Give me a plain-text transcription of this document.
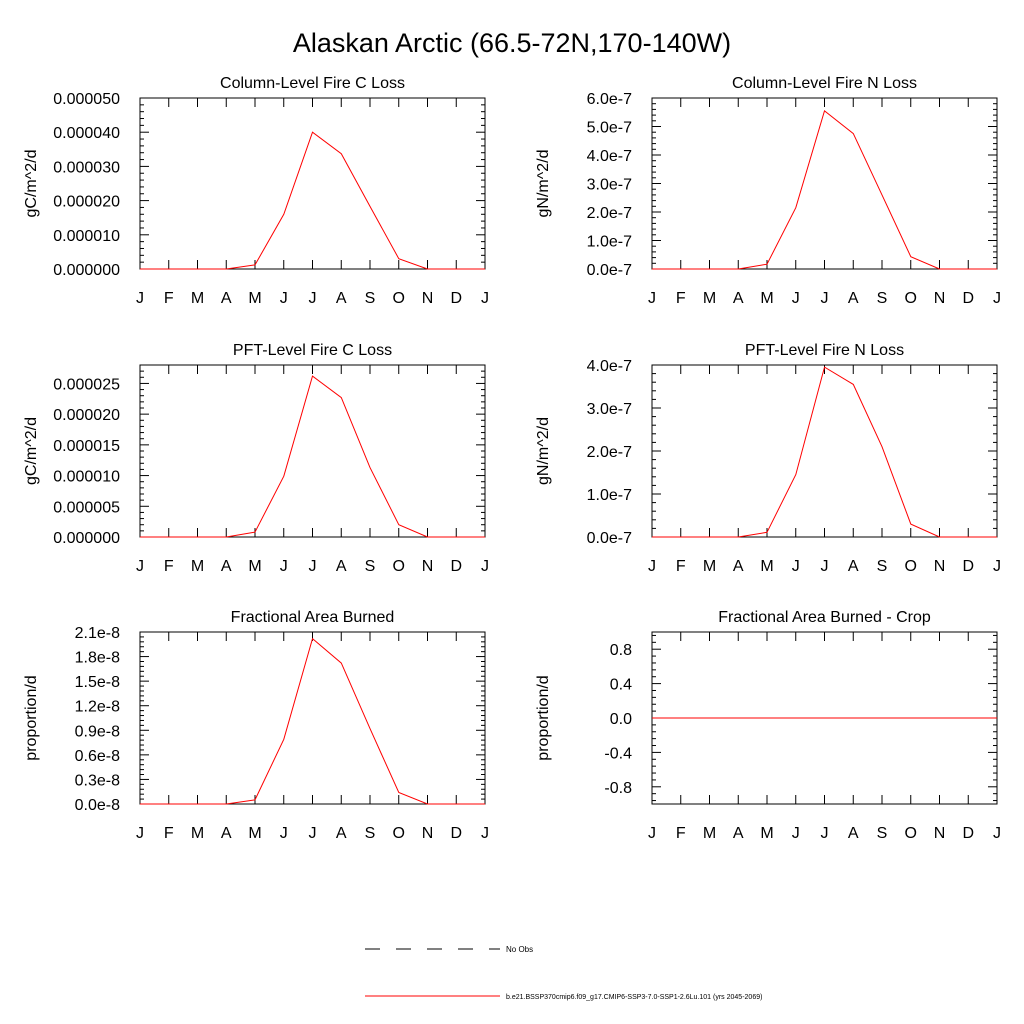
Alaskan Arctic (66.5-72N,170-140W)
Column-Level Fire C Loss
gC/m^2/d
J F M A M J J A S O N D J
0.000000
0.000010
0.000020
0.000030
0.000040
0.000050
Column-Level Fire N Loss
gN/m^2/d
J F M A M J J A S O N D J
0.0e-7
1.0e-7
2.0e-7
3.0e-7
4.0e-7
5.0e-7
6.0e-7
PFT-Level Fire C Loss
gC/m^2/d
J F M A M J J A S O N D J
0.000000
0.000005
0.000010
0.000015
0.000020
0.000025
PFT-Level Fire N Loss
gN/m^2/d
J F M A M J J A S O N D J
0.0e-7
1.0e-7
2.0e-7
3.0e-7
4.0e-7
Fractional Area Burned
proportion/d
J F M A M J J A S O N D J
0.0e-8
0.3e-8
0.6e-8
0.9e-8
1.2e-8
1.5e-8
1.8e-8
2.1e-8
Fractional Area Burned - Crop
proportion/d
J F M A M J J A S O N D J
-0.8
-0.4
0.0
0.4
0.8
No Obs
b.e21.BSSP370cmip6.f09_g17.CMIP6-SSP3-7.0-SSP1-2.6Lu.101 (yrs 2045-2069)
